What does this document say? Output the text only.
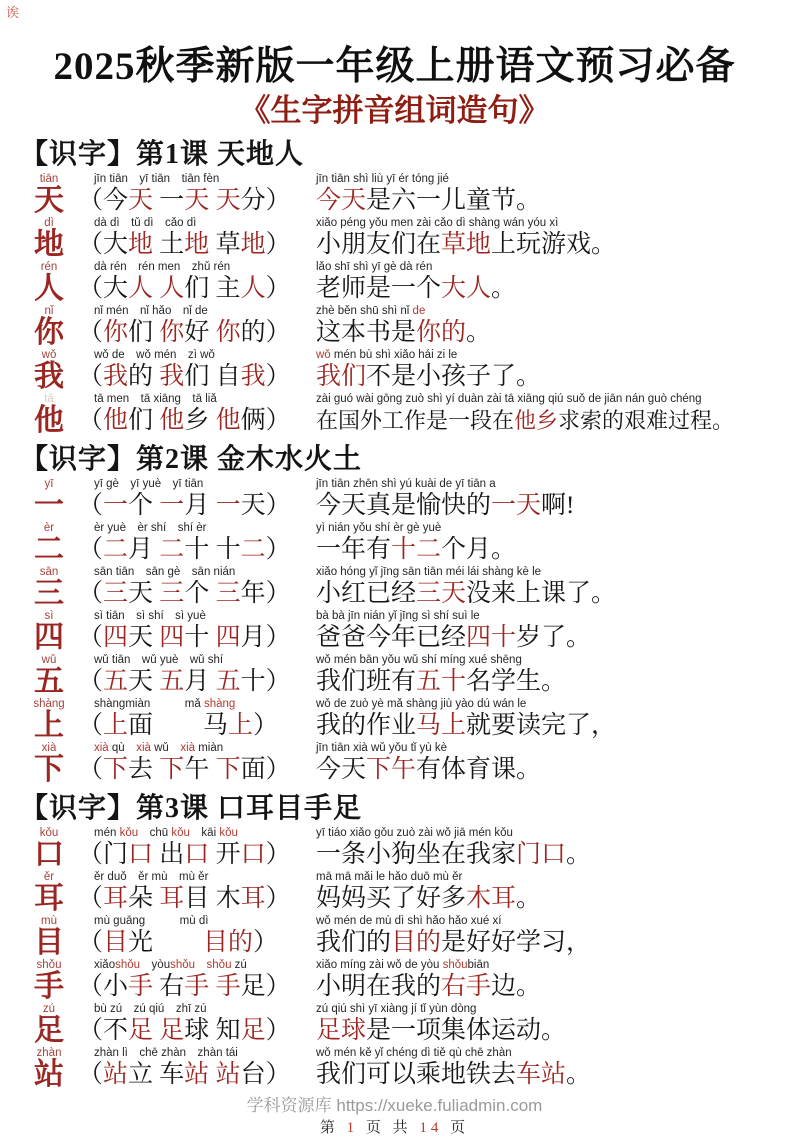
诶
2025秋季新版一年级上册语文预习必备
《生字拼音组词造句》
【识字】第1课 天地人
tiān
天
jīn tiān　yī tiān　tiān fèn
（今天 一天 天分）
jīn tiān shì liù yī ér tóng jié
今天是六一儿童节。
dì
地
dà dì　tǔ dì　cǎo dì
（大地 土地 草地）
xiǎo péng yǒu men zài cǎo dì shàng wán yóu xì
小朋友们在草地上玩游戏。
rén
人
dà rén　rén men　zhǔ rén
（大人 人们 主人）
lǎo shī shì yī gè dà rén
老师是一个大人。
nǐ
你
nǐ mén　nǐ hǎo　nǐ de
（你们 你好 你的）
zhè běn shū shì nǐ de
这本书是你的。
wǒ
我
wǒ de　wǒ mén　zì wǒ
（我的 我们 自我）
wǒ mén bù shì xiǎo hái zi le
我们不是小孩子了。
tā
他
tā men　tā xiāng　tā liǎ
（他们 他乡 他俩）
zài guó wài gōng zuò shì yí duàn zài tā xiāng qiú suǒ de jiān nán guò chéng
在国外工作是一段在他乡求索的艰难过程。
【识字】第2课 金木水火土
yī
一
yī gè　yī yuè　yī tiān
（一个 一月 一天）
jīn tiān zhēn shì yú kuài de yī tiān a
今天真是愉快的一天啊!
èr
二
èr yuè　èr shí　shí èr
（二月 二十 十二）
yì nián yǒu shí èr gè yuè
一年有十二个月。
sān
三
sān tiān　sān gè　sān nián
（三天 三个 三年）
xiǎo hóng yǐ jīng sān tiān méi lái shàng kè le
小红已经三天没来上课了。
sì
四
sì tiān　sì shí　sì yuè
（四天 四十 四月）
bà bà jīn nián yǐ jīng sì shí suì le
爸爸今年已经四十岁了。
wǔ
五
wǔ tiān　wǔ yuè　wǔ shí
（五天 五月 五十）
wǒ mén bān yǒu wǔ shí míng xué shēng
我们班有五十名学生。
shàng
上
shàngmiàn　　　mǎ shàng
（上面　　马上）
wǒ de zuò yè mǎ shàng jiù yào dú wán le
我的作业马上就要读完了，
xià
下
xià qù　xià wǔ　xià miàn
（下去 下午 下面）
jīn tiān xià wǔ yǒu tǐ yù kè
今天下午有体育课。
【识字】第3课 口耳目手足
kǒu
口
mén kǒu　chū kǒu　kāi kǒu
（门口 出口 开口）
yī tiáo xiǎo gǒu zuò zài wǒ jiā mén kǒu
一条小狗坐在我家门口。
ěr
耳
ěr duǒ　ěr mù　mù ěr
（耳朵 耳目 木耳）
mā mā mǎi le hǎo duō mù ěr
妈妈买了好多木耳。
mù
目
mù guāng　　　mù dì
（目光　　目的）
wǒ mén de mù dì shì hǎo hǎo xué xí
我们的目的是好好学习，
shǒu
手
xiǎoshǒu　yòushǒu　 shǒu zú
（小手 右手 手足）
xiǎo míng zài wǒ de yòu shǒubiān
小明在我的右手边。
zú
足
bù zú　zú qiú　zhī zú
（不足 足球 知足）
zú qiú shì yī xiàng jí tǐ yùn dòng
足球是一项集体运动。
zhàn
站
zhàn lì　chē zhàn　zhàn tái
（站立 车站 站台）
wǒ mén kě yǐ chéng dì tiě qù chē zhàn
我们可以乘地铁去车站。
学科资源库 https://xueke.fuliadmin.com
第 1 页 共 14 页
